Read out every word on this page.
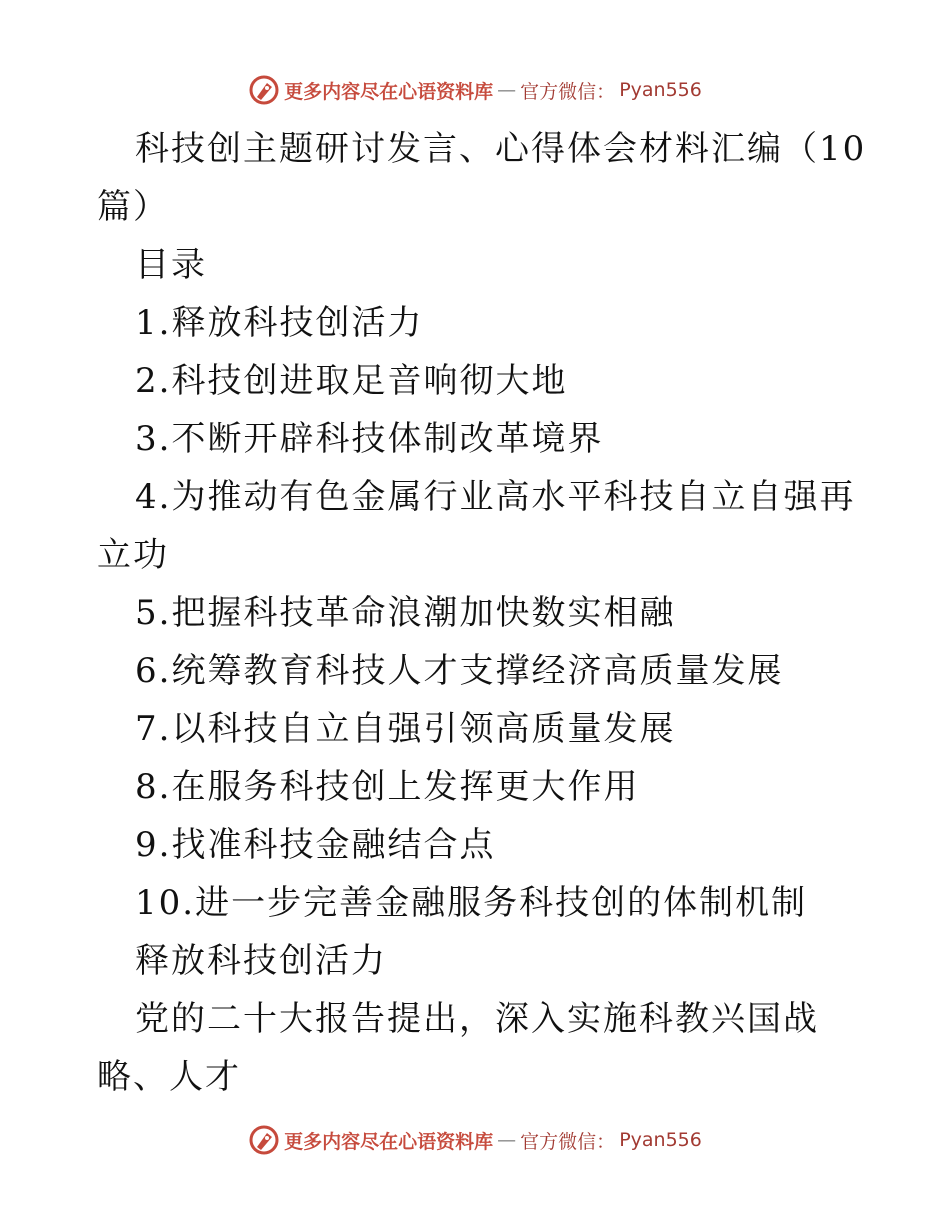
更多内容尽在心语资料库 — 官方微信： Pyan556

科技创主题研讨发言、心得体会材料汇编（10 篇）

目录

1.释放科技创活力

2.科技创进取足音响彻大地

3.不断开辟科技体制改革境界

4.为推动有色金属行业高水平科技自立自强再立功

5.把握科技革命浪潮加快数实相融

6.统筹教育科技人才支撑经济高质量发展

7.以科技自立自强引领高质量发展

8.在服务科技创上发挥更大作用

9.找准科技金融结合点

10.进一步完善金融服务科技创的体制机制

释放科技创活力

党的二十大报告提出，深入实施科教兴国战略、人才

更多内容尽在心语资料库 — 官方微信： Pyan556
